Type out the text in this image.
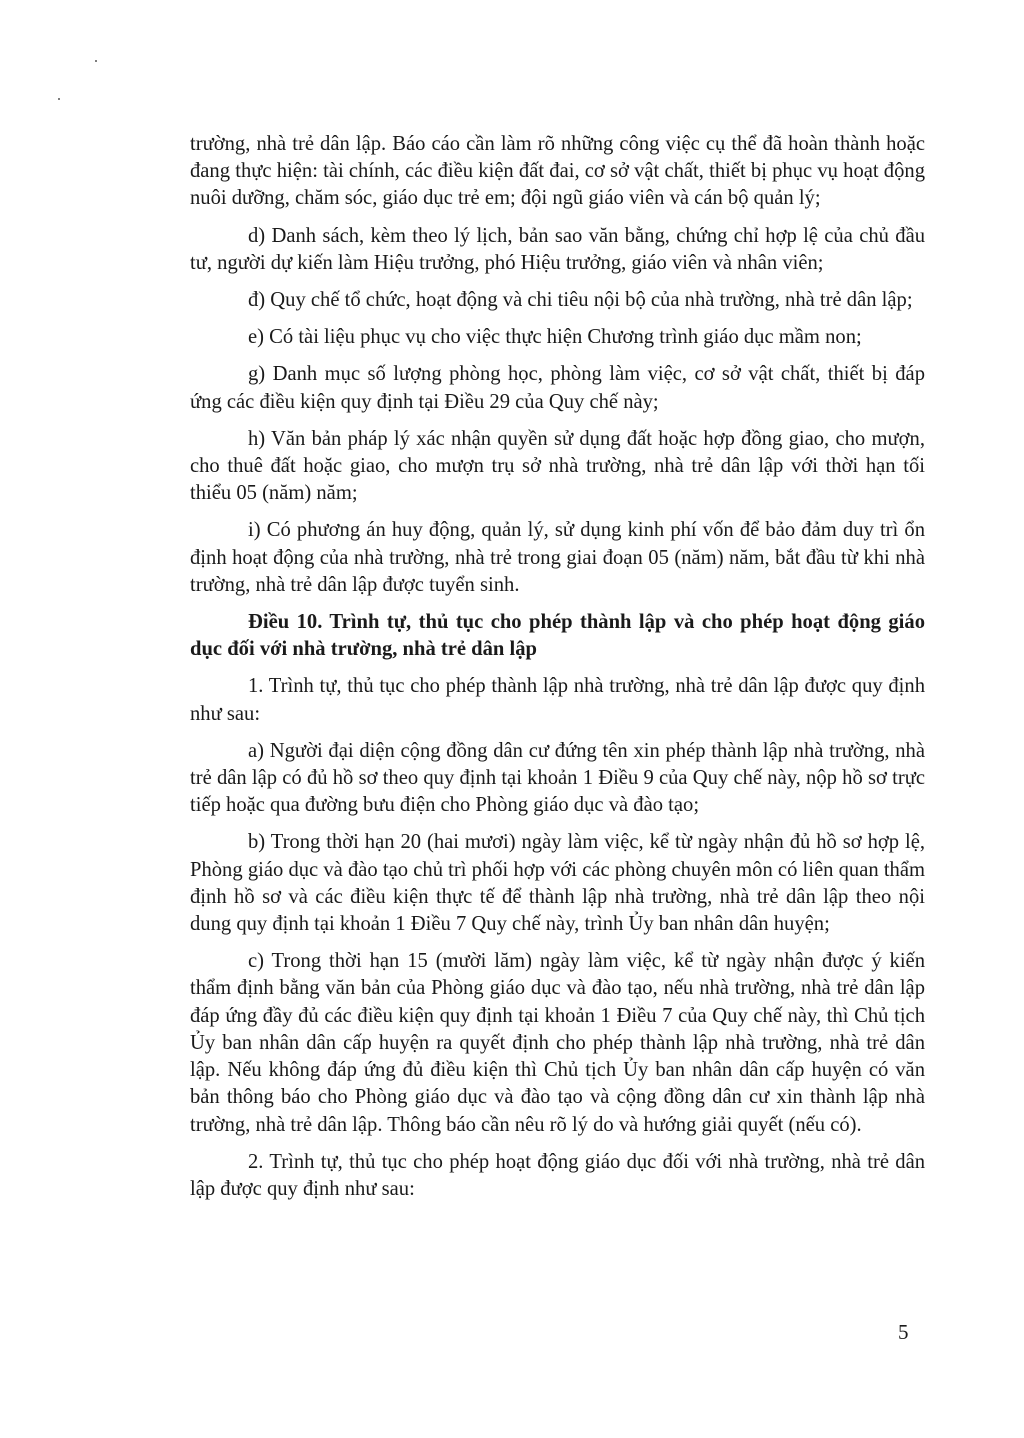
trường, nhà trẻ dân lập. Báo cáo cần làm rõ những công việc cụ thể đã hoàn thành hoặc đang thực hiện: tài chính, các điều kiện đất đai, cơ sở vật chất, thiết bị phục vụ hoạt động nuôi dưỡng, chăm sóc, giáo dục trẻ em; đội ngũ giáo viên và cán bộ quản lý;

d) Danh sách, kèm theo lý lịch, bản sao văn bằng, chứng chỉ hợp lệ của chủ đầu tư, người dự kiến làm Hiệu trưởng, phó Hiệu trưởng, giáo viên và nhân viên;

đ) Quy chế tổ chức, hoạt động và chi tiêu nội bộ của nhà trường, nhà trẻ dân lập;

e) Có tài liệu phục vụ cho việc thực hiện Chương trình giáo dục mầm non;

g) Danh mục số lượng phòng học, phòng làm việc, cơ sở vật chất, thiết bị đáp ứng các điều kiện quy định tại Điều 29 của Quy chế này;

h) Văn bản pháp lý xác nhận quyền sử dụng đất hoặc hợp đồng giao, cho mượn, cho thuê đất hoặc giao, cho mượn trụ sở nhà trường, nhà trẻ dân lập với thời hạn tối thiểu 05 (năm) năm;

i) Có phương án huy động, quản lý, sử dụng kinh phí vốn để bảo đảm duy trì ổn định hoạt động của nhà trường, nhà trẻ trong giai đoạn 05 (năm) năm, bắt đầu từ khi nhà trường, nhà trẻ dân lập được tuyển sinh.

Điều 10. Trình tự, thủ tục cho phép thành lập và cho phép hoạt động giáo dục đối với nhà trường, nhà trẻ dân lập

1. Trình tự, thủ tục cho phép thành lập nhà trường, nhà trẻ dân lập được quy định như sau:

a) Người đại diện cộng đồng dân cư đứng tên xin phép thành lập nhà trường, nhà trẻ dân lập có đủ hồ sơ theo quy định tại khoản 1 Điều 9 của Quy chế này, nộp hồ sơ trực tiếp hoặc qua đường bưu điện cho Phòng giáo dục và đào tạo;

b) Trong thời hạn 20 (hai mươi) ngày làm việc, kể từ ngày nhận đủ hồ sơ hợp lệ, Phòng giáo dục và đào tạo chủ trì phối hợp với các phòng chuyên môn có liên quan thẩm định hồ sơ và các điều kiện thực tế để thành lập nhà trường, nhà trẻ dân lập theo nội dung quy định tại khoản 1 Điều 7 Quy chế này, trình Ủy ban nhân dân huyện;

c) Trong thời hạn 15 (mười lăm) ngày làm việc, kể từ ngày nhận được ý kiến thẩm định bằng văn bản của Phòng giáo dục và đào tạo, nếu nhà trường, nhà trẻ dân lập đáp ứng đầy đủ các điều kiện quy định tại khoản 1 Điều 7 của Quy chế này, thì Chủ tịch Ủy ban nhân dân cấp huyện ra quyết định cho phép thành lập nhà trường, nhà trẻ dân lập. Nếu không đáp ứng đủ điều kiện thì Chủ tịch Ủy ban nhân dân cấp huyện có văn bản thông báo cho Phòng giáo dục và đào tạo và cộng đồng dân cư xin thành lập nhà trường, nhà trẻ dân lập. Thông báo cần nêu rõ lý do và hướng giải quyết (nếu có).

2. Trình tự, thủ tục cho phép hoạt động giáo dục đối với nhà trường, nhà trẻ dân lập được quy định như sau:

5
